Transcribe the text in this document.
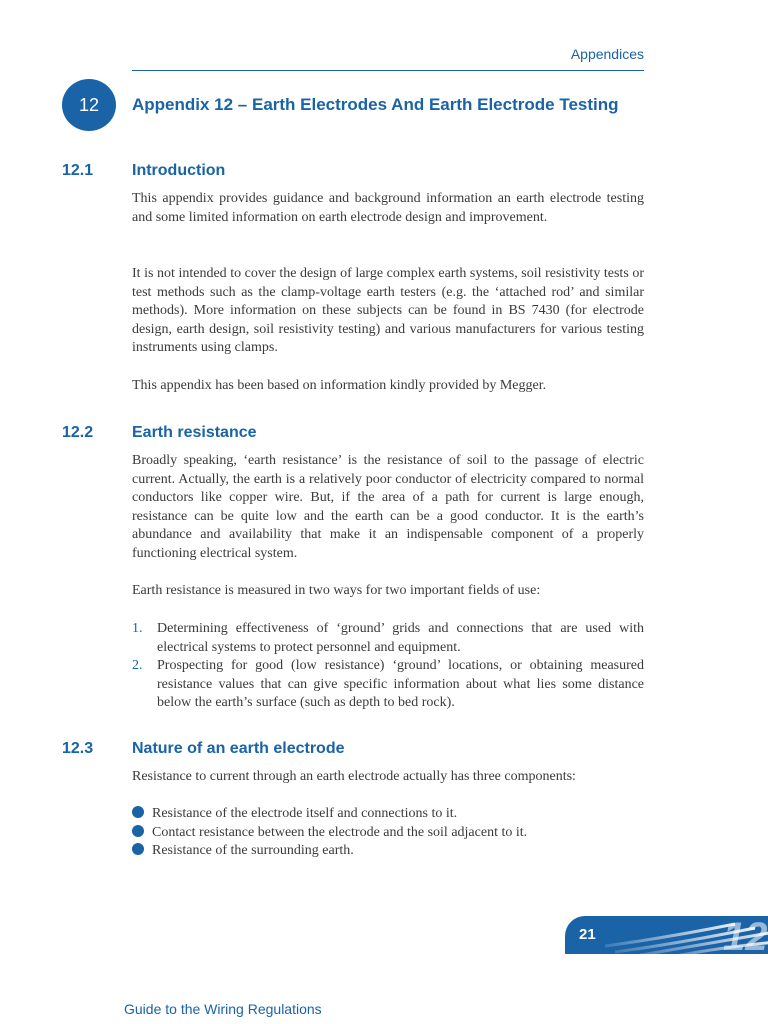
Appendices
12 Appendix 12 – Earth Electrodes And Earth Electrode Testing
12.1 Introduction
This appendix provides guidance and background information an earth electrode testing and some limited information on earth electrode design and improvement.
It is not intended to cover the design of large complex earth systems, soil resistivity tests or test methods such as the clamp-voltage earth testers (e.g. the ‘attached rod’ and similar methods). More information on these subjects can be found in BS 7430 (for electrode design, earth design, soil resistivity testing) and various manufacturers for various testing instruments using clamps.
This appendix has been based on information kindly provided by Megger.
12.2 Earth resistance
Broadly speaking, ‘earth resistance’ is the resistance of soil to the passage of electric current. Actually, the earth is a relatively poor conductor of electricity compared to normal conductors like copper wire. But, if the area of a path for current is large enough, resistance can be quite low and the earth can be a good conductor. It is the earth’s abundance and availability that make it an indispensable component of a properly functioning electrical system.
Earth resistance is measured in two ways for two important fields of use:
1.	Determining effectiveness of ‘ground’ grids and connections that are used with electrical systems to protect personnel and equipment.
2.	Prospecting for good (low resistance) ‘ground’ locations, or obtaining measured resistance values that can give specific information about what lies some distance below the earth’s surface (such as depth to bed rock).
12.3 Nature of an earth electrode
Resistance to current through an earth electrode actually has three components:
Resistance of the electrode itself and connections to it.
Contact resistance between the electrode and the soil adjacent to it.
Resistance of the surrounding earth.
12
21
Guide to the Wiring Regulations
